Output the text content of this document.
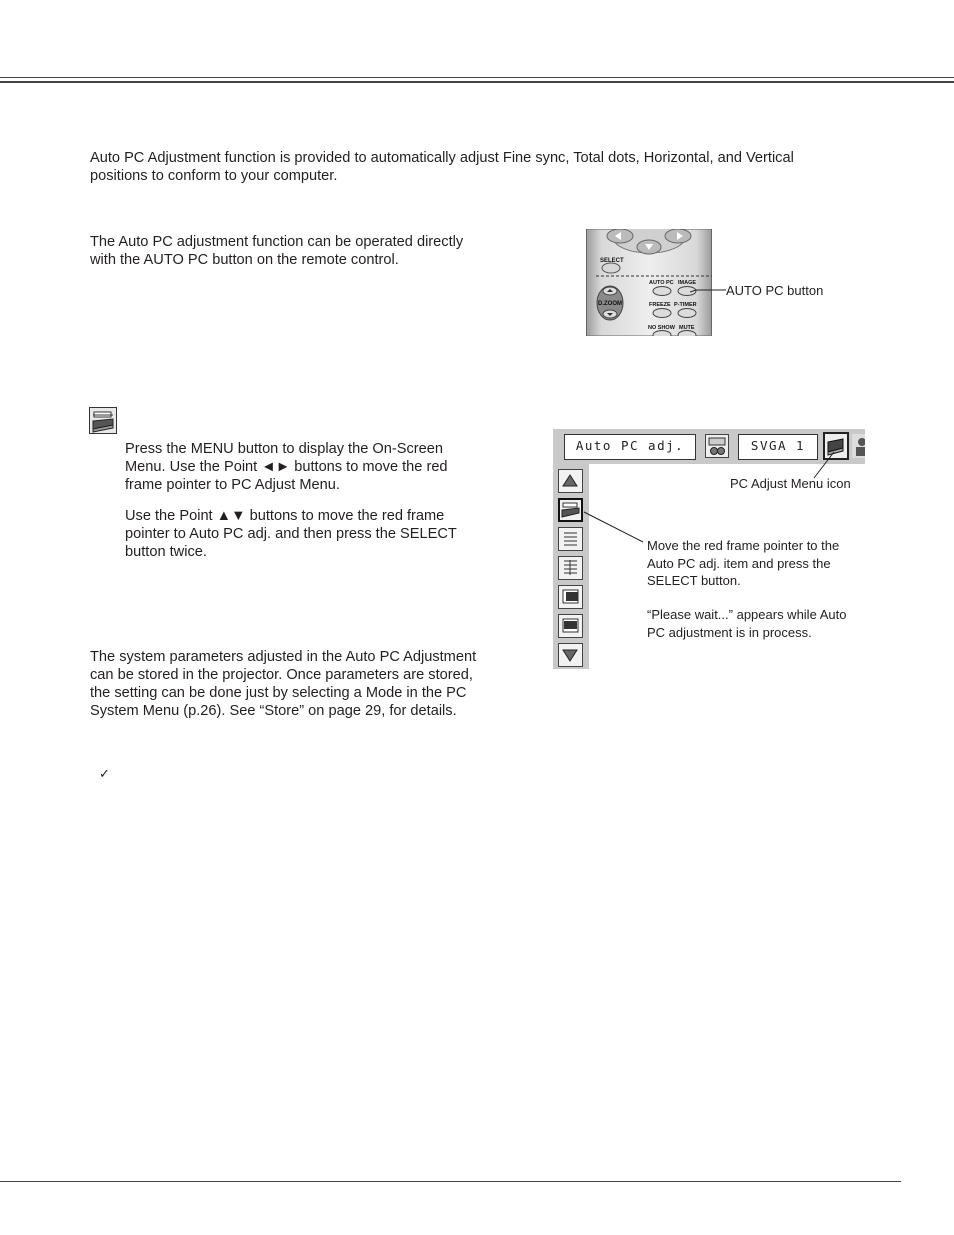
Auto PC Adjustment function is provided to automatically adjust Fine sync, Total dots, Horizontal, and Vertical
positions to conform to your computer.
The Auto PC adjustment function can be operated directly
with the AUTO PC button on the remote control.	SELECT
D.ZOOM
AUTO PC IMAGE
FREEZE P-TIMER
NO SHOW MUTE
AUTO PC button
Press the MENU button to display the On-Screen
Menu. Use the Point ◄► buttons to move the red
frame pointer to PC Adjust Menu.
Use the Point ▲▼ buttons to move the red frame
pointer to Auto PC adj. and then press the SELECT
button twice.
Auto PC adj.	SVGA 1
PC Adjust Menu icon
Move the red frame pointer to the
Auto PC adj. item and press the
SELECT button.
“Please wait...” appears while Auto
PC adjustment is in process.
The system parameters adjusted in the Auto PC Adjustment
can be stored in the projector. Once parameters are stored,
the setting can be done just by selecting a Mode in the PC
System Menu (p.26). See “Store” on page 29, for details.
✓
